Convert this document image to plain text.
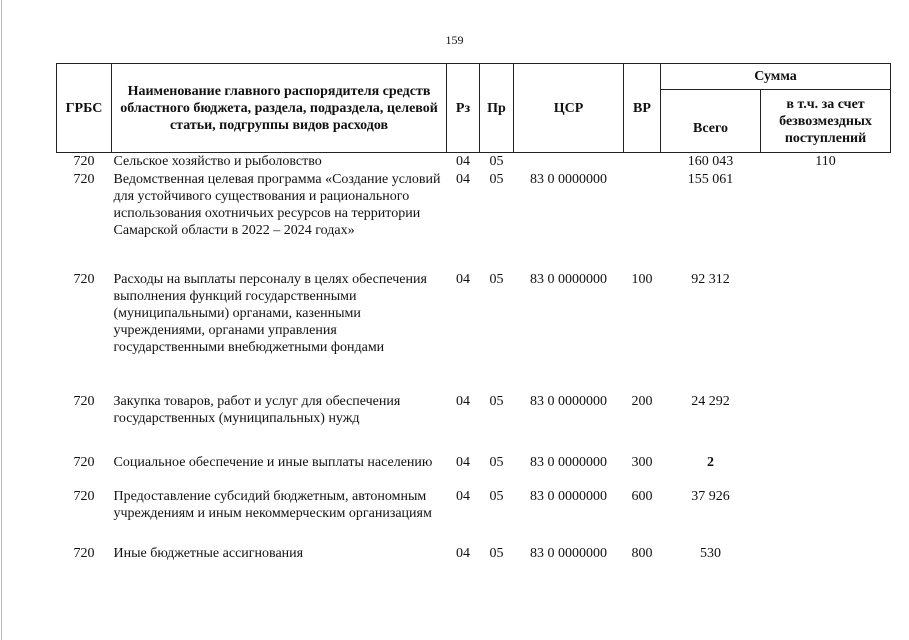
159
ГРБС	Наименование главного распорядителя средств областного бюджета, раздела, подраздела, целевой статьи, подгруппы видов расходов	Рз	Пр	ЦСР	ВР	Сумма	
						Всего	в т.ч. за счет безвозмездных поступлений
720	Сельское хозяйство и рыболовство	04	05			160 043	110
720	Ведомственная целевая программа «Создание условий для устойчивого существования и рационального использования охотничьих ресурсов на территории Самарской области в 2022 – 2024 годах»	04	05	83 0 0000000		155 061	
720	Расходы на выплаты персоналу в целях обеспечения выполнения функций государственными (муниципальными) органами, казенными учреждениями, органами управления государственными внебюджетными фондами	04	05	83 0 0000000	100	92 312	
720	Закупка товаров, работ и услуг для обеспечения государственных (муниципальных) нужд	04	05	83 0 0000000	200	24 292	
720	Социальное обеспечение и иные выплаты населению	04	05	83 0 0000000	300	2	
720	Предоставление субсидий бюджетным, автономным учреждениям и иным некоммерческим организациям	04	05	83 0 0000000	600	37 926	
720	Иные бюджетные ассигнования	04	05	83 0 0000000	800	530	
